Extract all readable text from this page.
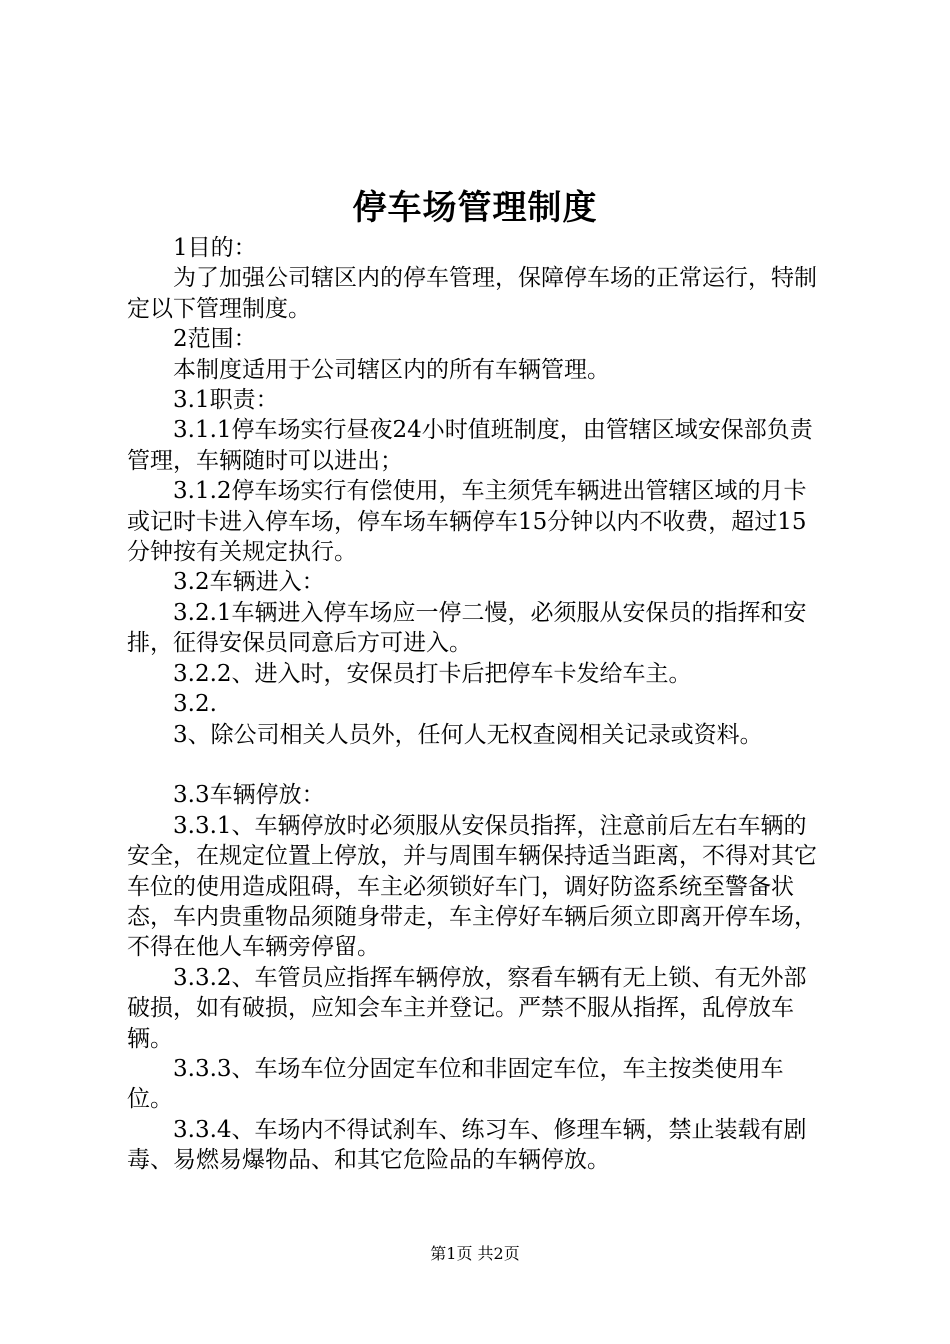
停车场管理制度

1目的：

为了加强公司辖区内的停车管理，保障停车场的正常运行，特制定以下管理制度。

2范围：

本制度适用于公司辖区内的所有车辆管理。

3.1职责：

3.1.1停车场实行昼夜24小时值班制度，由管辖区域安保部负责管理，车辆随时可以进出；

3.1.2停车场实行有偿使用，车主须凭车辆进出管辖区域的月卡或记时卡进入停车场，停车场车辆停车15分钟以内不收费，超过15分钟按有关规定执行。

3.2车辆进入：

3.2.1车辆进入停车场应一停二慢，必须服从安保员的指挥和安排，征得安保员同意后方可进入。

3.2.2、进入时，安保员打卡后把停车卡发给车主。

3.2.

3、除公司相关人员外，任何人无权查阅相关记录或资料。

3.3车辆停放：

3.3.1、车辆停放时必须服从安保员指挥，注意前后左右车辆的安全，在规定位置上停放，并与周围车辆保持适当距离，不得对其它车位的使用造成阻碍，车主必须锁好车门，调好防盗系统至警备状态，车内贵重物品须随身带走，车主停好车辆后须立即离开停车场，不得在他人车辆旁停留。

3.3.2、车管员应指挥车辆停放，察看车辆有无上锁、有无外部破损，如有破损，应知会车主并登记。严禁不服从指挥，乱停放车辆。

3.3.3、车场车位分固定车位和非固定车位，车主按类使用车位。

3.3.4、车场内不得试刹车、练习车、修理车辆，禁止装载有剧毒、易燃易爆物品、和其它危险品的车辆停放。

第1页 共2页
